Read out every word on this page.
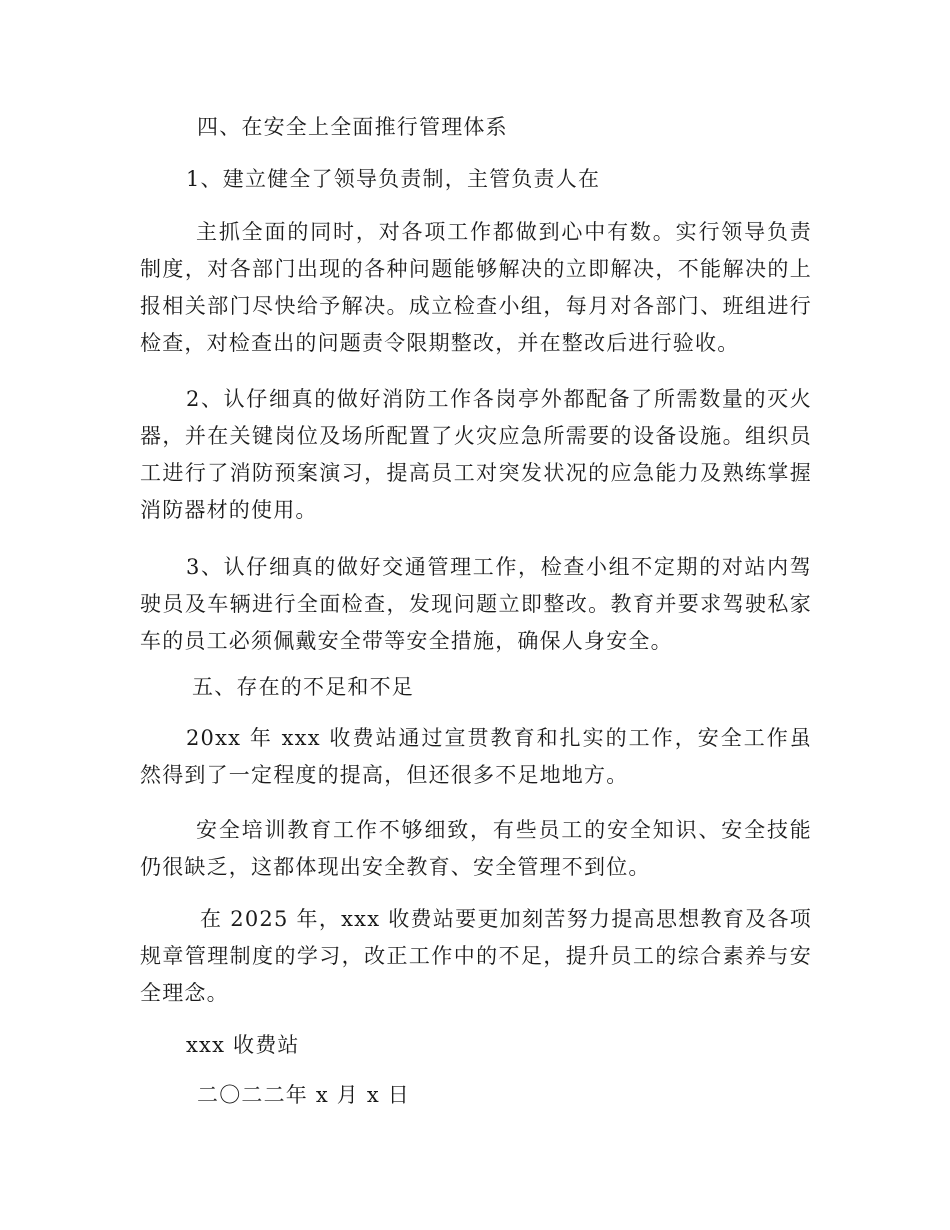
四、在安全上全面推行管理体系
1、建立健全了领导负责制，主管负责人在

主抓全面的同时，对各项工作都做到心中有数。实行领导负责制度，对各部门出现的各种问题能够解决的立即解决，不能解决的上报相关部门尽快给予解决。成立检查小组，每月对各部门、班组进行检查，对检查出的问题责令限期整改，并在整改后进行验收。

2、认仔细真的做好消防工作各岗亭外都配备了所需数量的灭火器，并在关键岗位及场所配置了火灾应急所需要的设备设施。组织员工进行了消防预案演习，提高员工对突发状况的应急能力及熟练掌握消防器材的使用。

3、认仔细真的做好交通管理工作，检查小组不定期的对站内驾驶员及车辆进行全面检查，发现问题立即整改。教育并要求驾驶私家车的员工必须佩戴安全带等安全措施，确保人身安全。

五、存在的不足和不足

20xx 年 xxx 收费站通过宣贯教育和扎实的工作，安全工作虽然得到了一定程度的提高，但还很多不足地地方。

安全培训教育工作不够细致，有些员工的安全知识、安全技能仍很缺乏，这都体现出安全教育、安全管理不到位。

在 2025 年，xxx 收费站要更加刻苦努力提高思想教育及各项规章管理制度的学习，改正工作中的不足，提升员工的综合素养与安全理念。

xxx 收费站
二〇二二年 x 月 x 日
